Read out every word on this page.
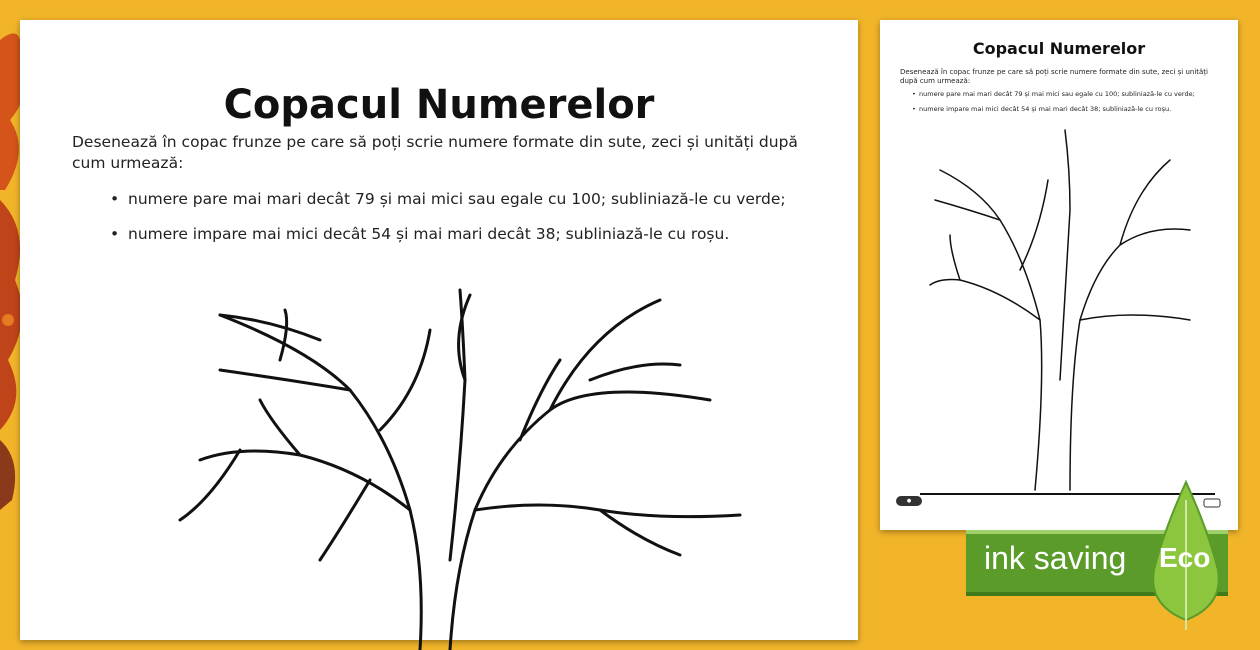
Copacul Numerelor
Desenează în copac frunze pe care să poți scrie numere formate din sute, zeci și unități după cum urmează:
• numere pare mai mari decât 79 și mai mici sau egale cu 100; subliniază-le cu verde;
• numere impare mai mici decât 54 și mai mari decât 38; subliniază-le cu roșu.
Copacul Numerelor
Desenează în copac frunze pe care să poți scrie numere formate din sute, zeci și unități după cum urmează:
• numere pare mai mari decât 79 și mai mici sau egale cu 100; subliniază-le cu verde;
• numere impare mai mici decât 54 și mai mari decât 38; subliniază-le cu roșu.
●
ink saving Eco
